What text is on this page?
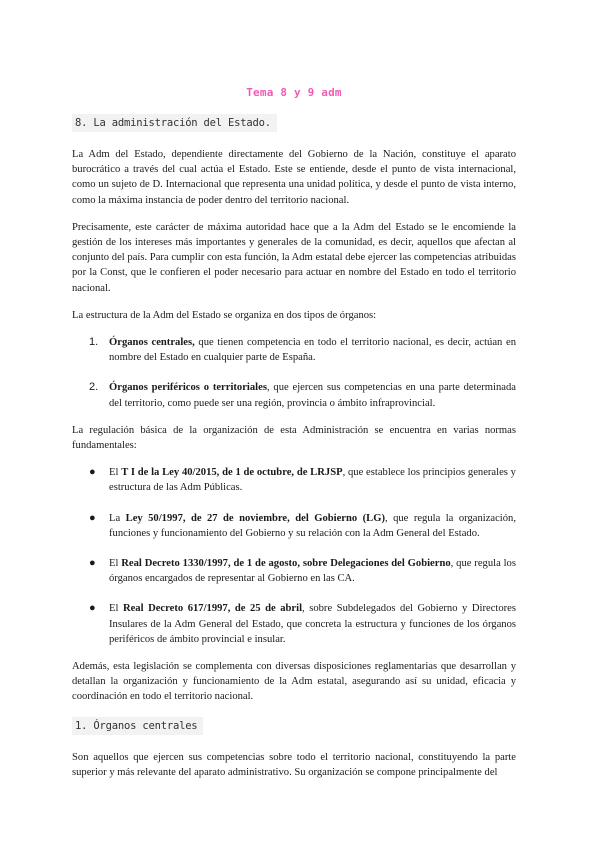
Tema 8 y 9 adm
8. La administración del Estado.

La Adm del Estado, dependiente directamente del Gobierno de la Nación, constituye el aparato burocrático a través del cual actúa el Estado. Este se entiende, desde el punto de vista internacional, como un sujeto de D. Internacional que representa una unidad política, y desde el punto de vista interno, como la máxima instancia de poder dentro del territorio nacional.

Precisamente, este carácter de máxima autoridad hace que a la Adm del Estado se le encomiende la gestión de los intereses más importantes y generales de la comunidad, es decir, aquellos que afectan al conjunto del país. Para cumplir con esta función, la Adm estatal debe ejercer las competencias atribuidas por la Const, que le confieren el poder necesario para actuar en nombre del Estado en todo el territorio nacional.

La estructura de la Adm del Estado se organiza en dos tipos de órganos:

1. Órganos centrales, que tienen competencia en todo el territorio nacional, es decir, actúan en nombre del Estado en cualquier parte de España.
2. Órganos periféricos o territoriales, que ejercen sus competencias en una parte determinada del territorio, como puede ser una región, provincia o ámbito infraprovincial.

La regulación básica de la organización de esta Administración se encuentra en varias normas fundamentales:

● El T I de la Ley 40/2015, de 1 de octubre, de LRJSP, que establece los principios generales y estructura de las Adm Públicas.
● La Ley 50/1997, de 27 de noviembre, del Gobierno (LG), que regula la organización, funciones y funcionamiento del Gobierno y su relación con la Adm General del Estado.
● El Real Decreto 1330/1997, de 1 de agosto, sobre Delegaciones del Gobierno, que regula los órganos encargados de representar al Gobierno en las CA.
● El Real Decreto 617/1997, de 25 de abril, sobre Subdelegados del Gobierno y Directores Insulares de la Adm General del Estado, que concreta la estructura y funciones de los órganos periféricos de ámbito provincial e insular.

Además, esta legislación se complementa con diversas disposiciones reglamentarias que desarrollan y detallan la organización y funcionamiento de la Adm estatal, asegurando así su unidad, eficacia y coordinación en todo el territorio nacional.

1. Órganos centrales

Son aquellos que ejercen sus competencias sobre todo el territorio nacional, constituyendo la parte superior y más relevante del aparato administrativo. Su organización se compone principalmente del
